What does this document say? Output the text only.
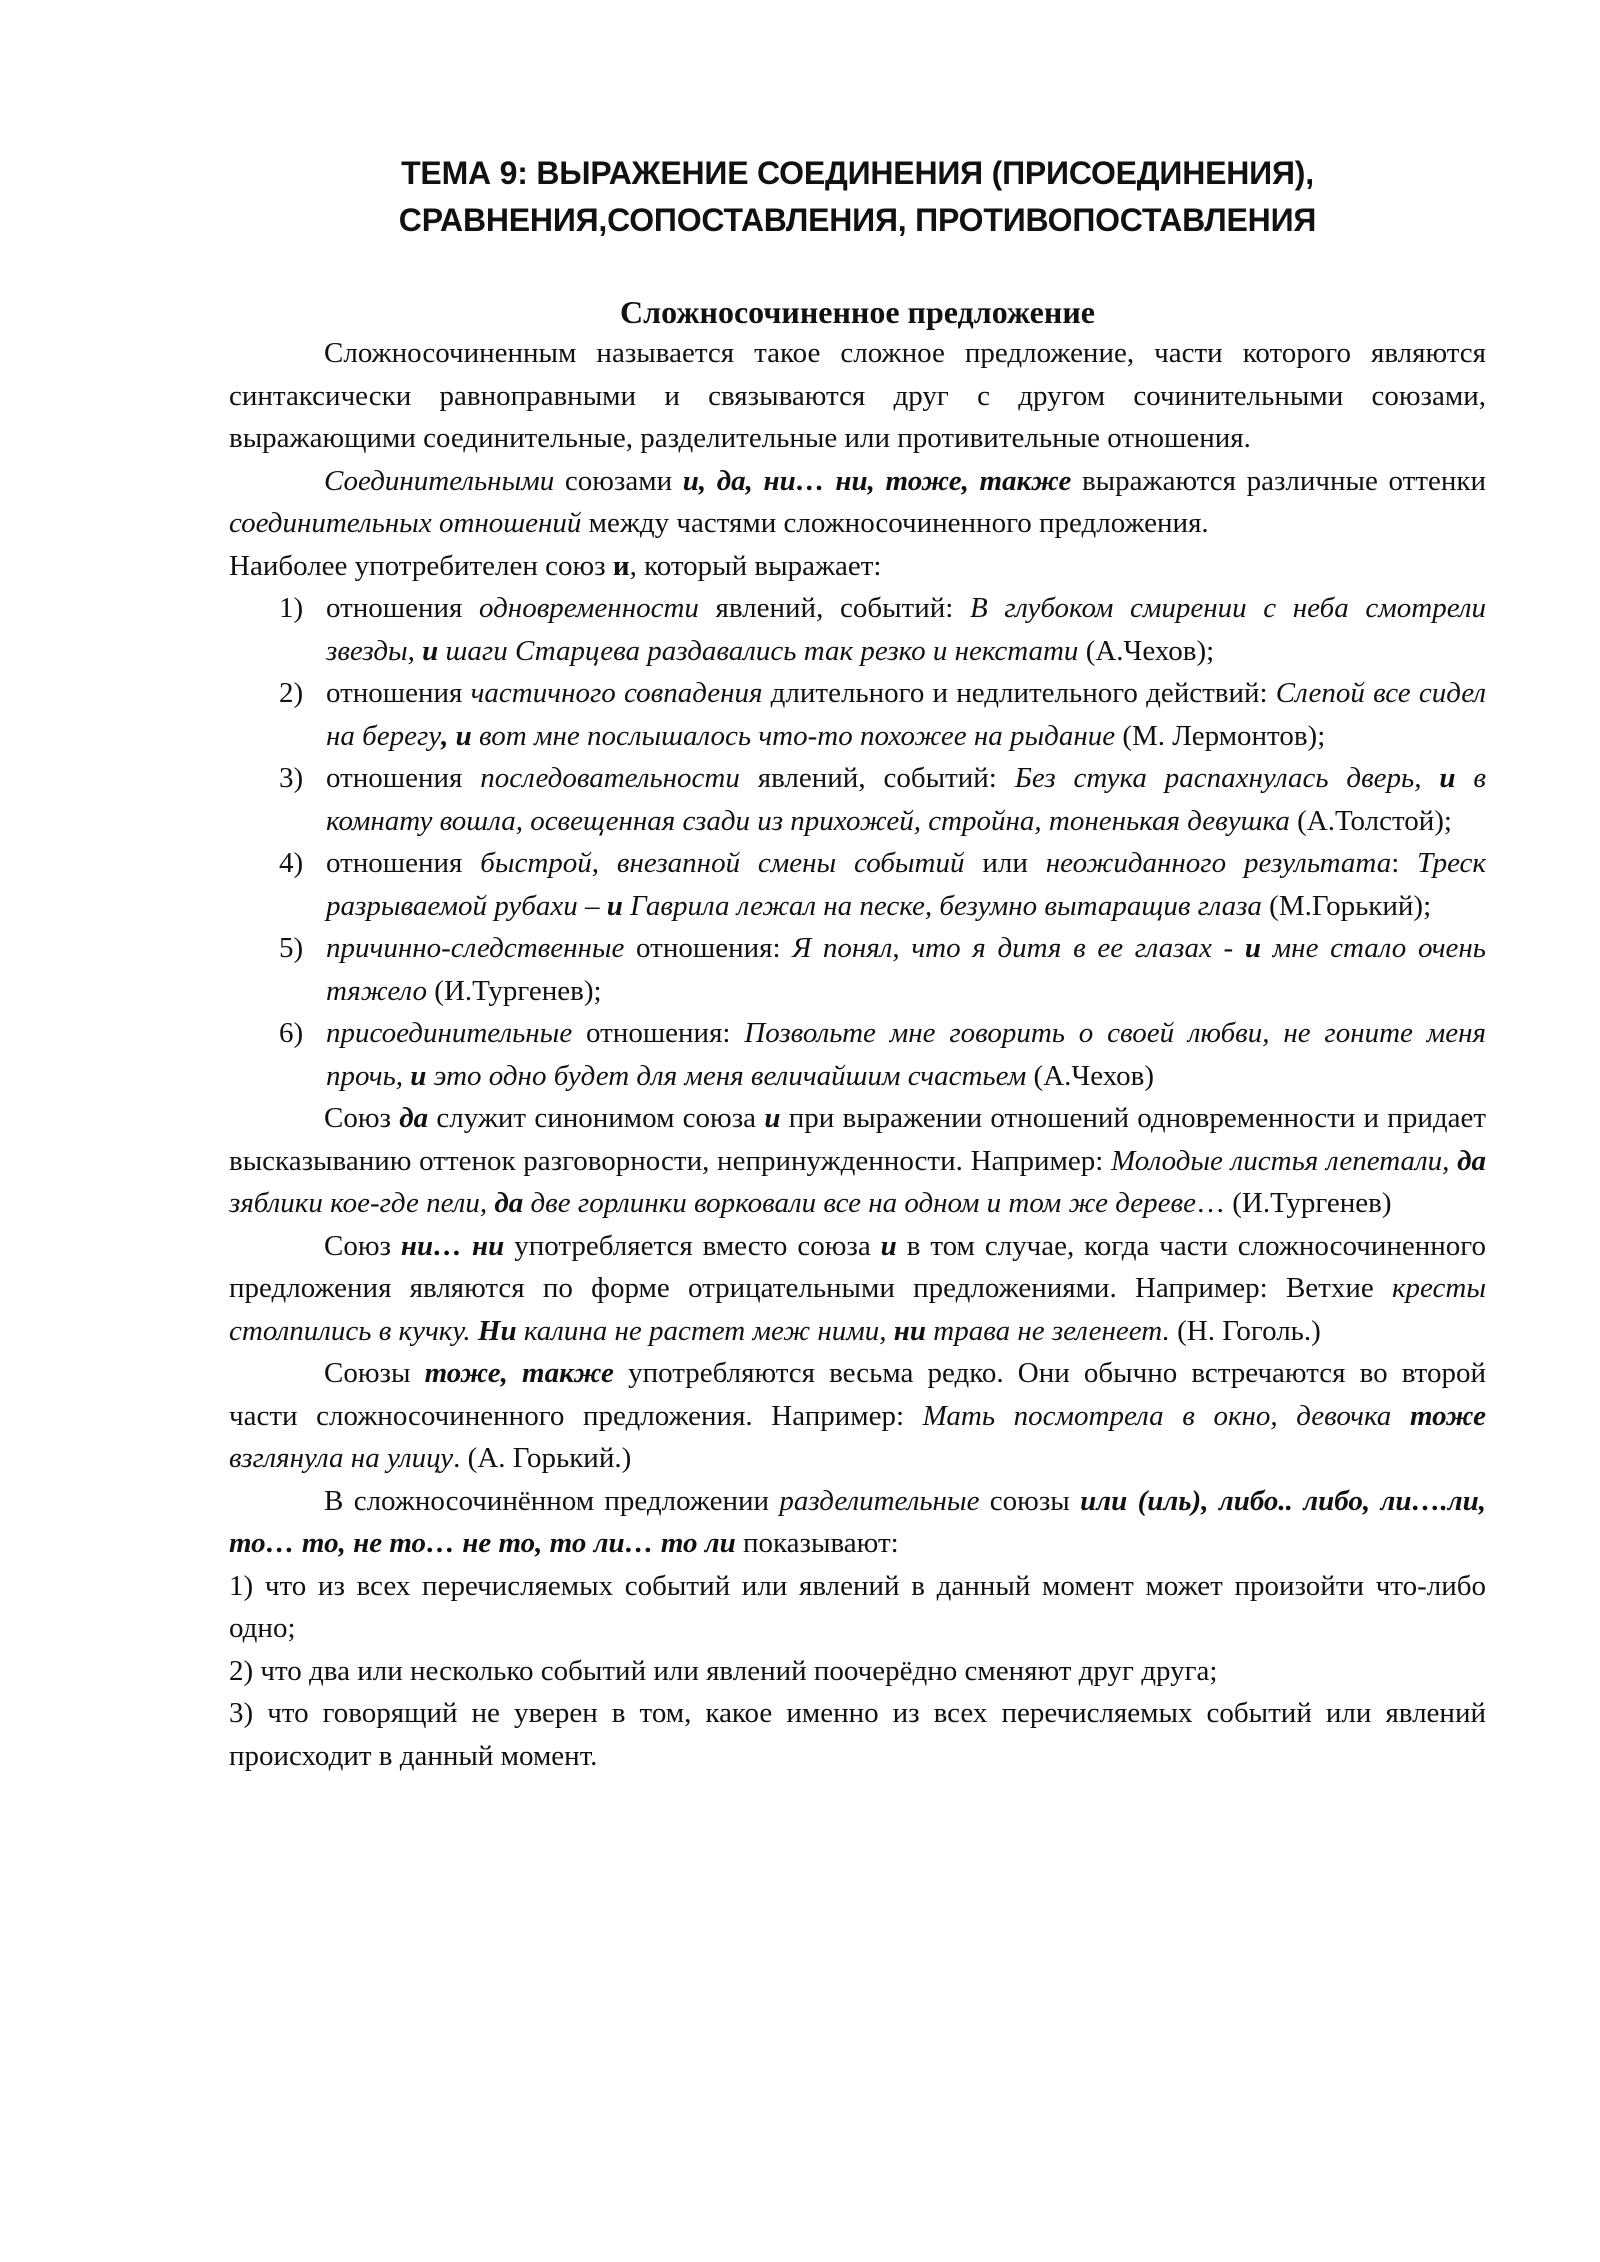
ТЕМА 9: ВЫРАЖЕНИЕ СОЕДИНЕНИЯ (ПРИСОЕДИНЕНИЯ),
СРАВНЕНИЯ,СОПОСТАВЛЕНИЯ, ПРОТИВОПОСТАВЛЕНИЯ
Сложносочиненное предложение

Сложносочиненным называется такое сложное предложение, части которого являются синтаксически равноправными и связываются друг с другом сочинительными союзами, выражающими соединительные, разделительные или противительные отношения.

Соединительными союзами и, да, ни… ни, тоже, также выражаются различные оттенки соединительных отношений между частями сложносочиненного предложения.

Наиболее употребителен союз и, который выражает:

1) отношения одновременности явлений, событий: В глубоком смирении с неба смотрели звезды, и шаги Старцева раздавались так резко и некстати (А.Чехов);
2) отношения частичного совпадения длительного и недлительного действий: Слепой все сидел на берегу, и вот мне послышалось что-то похожее на рыдание (М. Лермонтов);
3) отношения последовательности явлений, событий: Без стука распахнулась дверь, и в комнату вошла, освещенная сзади из прихожей, стройна, тоненькая девушка (А.Толстой);
4) отношения быстрой, внезапной смены событий или неожиданного результата: Треск разрываемой рубахи – и Гаврила лежал на песке, безумно вытаращив глаза (М.Горький);
5) причинно-следственные отношения: Я понял, что я дитя в ее глазах - и мне стало очень тяжело (И.Тургенев);
6) присоединительные отношения: Позвольте мне говорить о своей любви, не гоните меня прочь, и это одно будет для меня величайшим счастьем (А.Чехов)

Союз да служит синонимом союза и при выражении отношений одновременности и придает высказыванию оттенок разговорности, непринужденности. Например: Молодые листья лепетали, да зяблики кое-где пели, да две горлинки ворковали все на одном и том же дереве… (И.Тургенев)

Союз ни… ни употребляется вместо союза и в том случае, когда части сложносочиненного предложения являются по форме отрицательными предложениями. Например: Ветхие кресты столпились в кучку. Ни калина не растет меж ними, ни трава не зеленеет. (Н. Гоголь.)

Союзы тоже, также употребляются весьма редко. Они обычно встречаются во второй части сложносочиненного предложения. Например: Мать посмотрела в окно, девочка тоже взглянула на улицу. (А. Горький.)

В сложносочинённом предложении разделительные союзы или (иль), либо.. либо, ли….ли, то… то, не то… не то, то ли… то ли показывают:

1) что из всех перечисляемых событий или явлений в данный момент может произойти что-либо одно;

2) что два или несколько событий или явлений поочерёдно сменяют друг друга;

3) что говорящий не уверен в том, какое именно из всех перечисляемых событий или явлений происходит в данный момент.
